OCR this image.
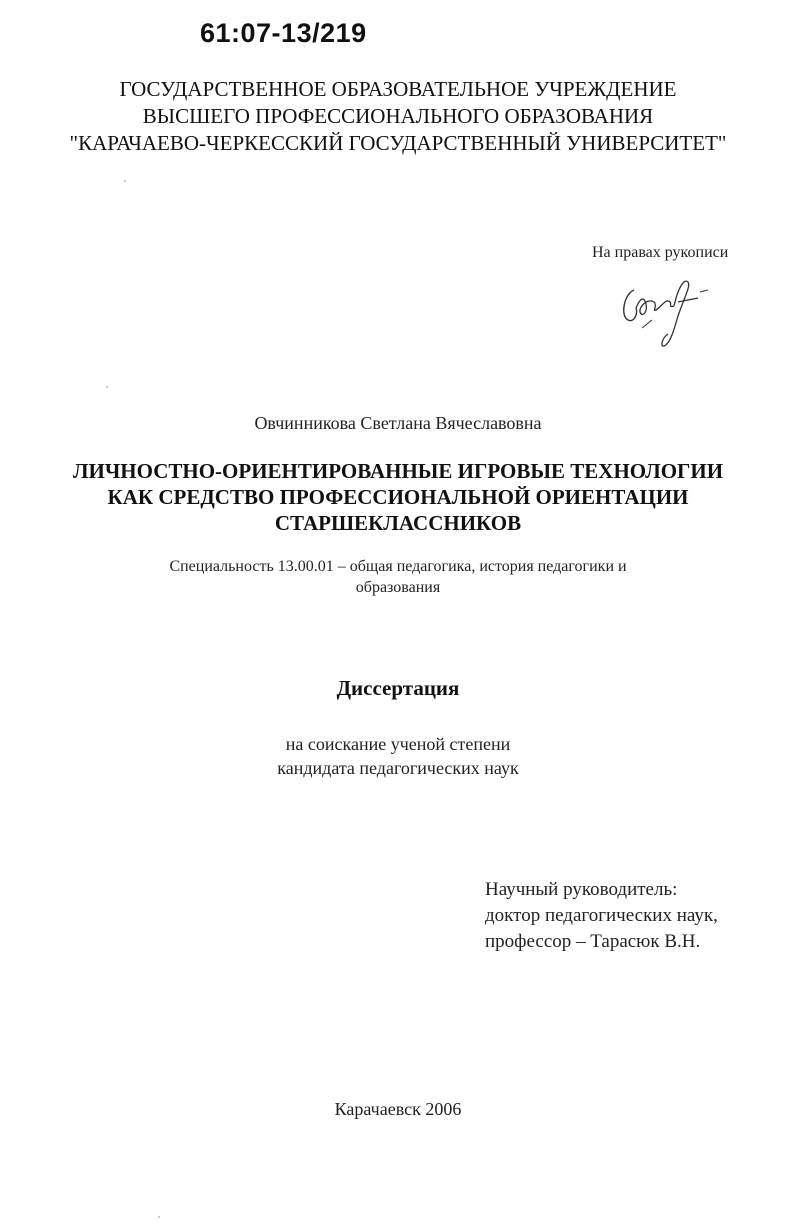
61:07-13/219
ГОСУДАРСТВЕННОЕ ОБРАЗОВАТЕЛЬНОЕ УЧРЕЖДЕНИЕ
ВЫСШЕГО ПРОФЕССИОНАЛЬНОГО ОБРАЗОВАНИЯ
"КАРАЧАЕВО-ЧЕРКЕССКИЙ ГОСУДАРСТВЕННЫЙ УНИВЕРСИТЕТ"
На правах рукописи
Овчинникова Светлана Вячеславовна
ЛИЧНОСТНО-ОРИЕНТИРОВАННЫЕ ИГРОВЫЕ ТЕХНОЛОГИИ
КАК СРЕДСТВО ПРОФЕССИОНАЛЬНОЙ ОРИЕНТАЦИИ
СТАРШЕКЛАССНИКОВ
Специальность 13.00.01 – общая педагогика, история педагогики и
образования
Диссертация
на соискание ученой степени
кандидата педагогических наук
Научный руководитель:
доктор педагогических наук,
профессор – Тарасюк В.Н.
Карачаевск 2006
